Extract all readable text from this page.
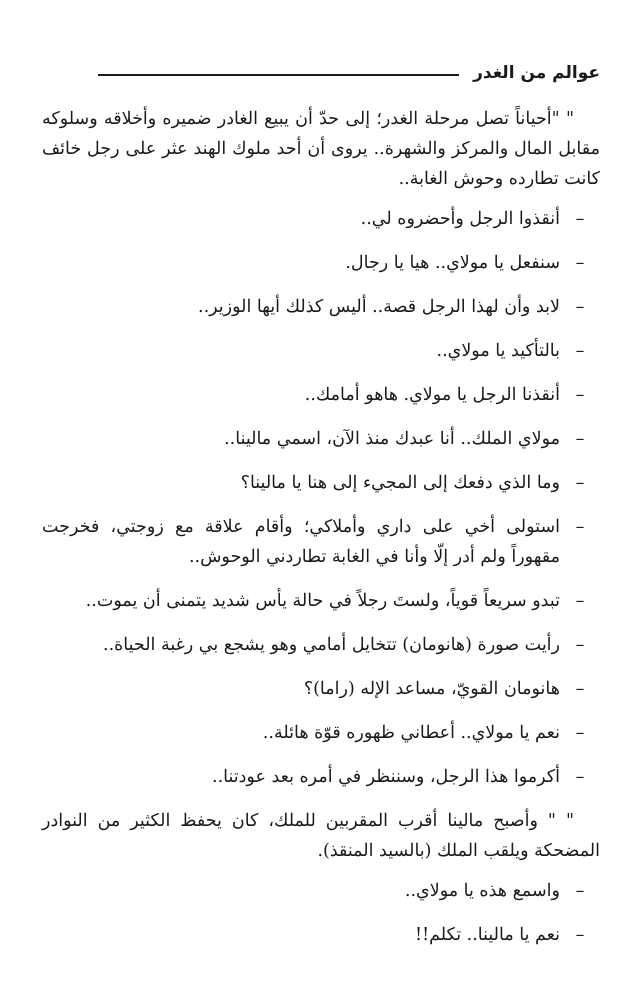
عوالم من الغدر

" "أحياناً تصل مرحلة الغدر؛ إلى حدّ أن يبيع الغادر ضميره وأخلاقه وسلوكه مقابل المال والمركز والشهرة.. يروى أن أحد ملوك الهند عثر على رجل خائف كانت تطارده وحوش الغابة..

–
أنقذوا الرجل وأحضروه لي..
–
سنفعل يا مولاي.. هيا يا رجال.
–
لابد وأن لهذا الرجل قصة.. أليس كذلك أيها الوزير..
–
بالتأكيد يا مولاي..
–
أنقذنا الرجل يا مولاي. هاهو أمامك..
–
مولاي الملك.. أنا عبدك منذ الآن، اسمي مالينا..
–
وما الذي دفعك إلى المجيء إلى هنا يا مالينا؟
–
استولى أخي على داري وأملاكي؛ وأقام علاقة مع زوجتي، فخرجت مقهوراً ولم أدر إلّا وأنا في الغابة تطاردني الوحوش..
–
تبدو سريعاً قوياً، ولستَ رجلاً في حالة يأس شديد يتمنى أن يموت..
–
رأيت صورة (هانومان) تتخايل أمامي وهو يشجع بي رغبة الحياة..
–
هانومان القويّ، مساعد الإله (راما)؟
–
نعم يا مولاي.. أعطاني ظهوره قوّة هائلة..
–
أكرموا هذا الرجل، وسننظر في أمره بعد عودتنا..

" " وأصبح مالينا أقرب المقربين للملك، كان يحفظ الكثير من النوادر المضحكة ويلقب الملك (بالسيد المنقذ).

–
واسمع هذه يا مولاي..
–
نعم يا مالينا.. تكلم!!
